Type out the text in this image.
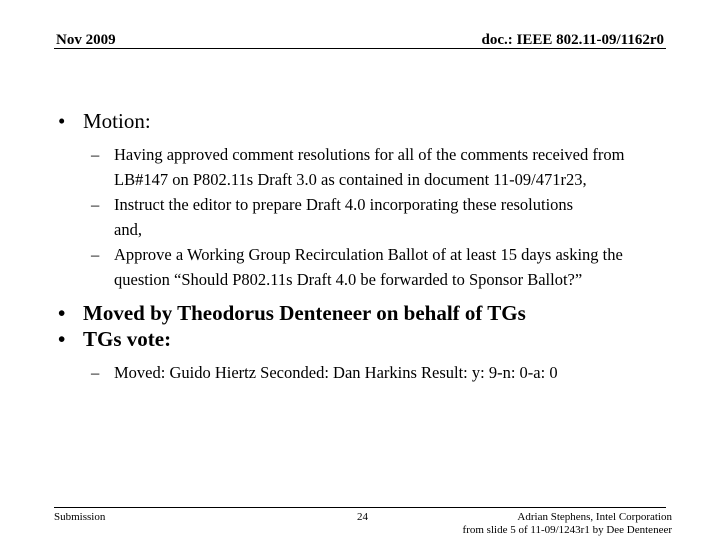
Nov 2009	doc.: IEEE 802.11-09/1162r0
• Motion:
– Having approved comment resolutions for all of the comments received from LB#147 on P802.11s Draft 3.0 as contained in document 11-09/471r23,
– Instruct the editor to prepare Draft 4.0 incorporating these resolutions and,
– Approve a Working Group Recirculation Ballot of at least 15 days asking the question “Should P802.11s Draft 4.0 be forwarded to Sponsor Ballot?”
• Moved by Theodorus Denteneer on behalf of TGs
• TGs vote:
– Moved: Guido Hiertz Seconded: Dan Harkins Result: y: 9-n: 0-a: 0
Submission	24	Adrian Stephens, Intel Corporation
from slide 5 of 11-09/1243r1 by Dee Denteneer
